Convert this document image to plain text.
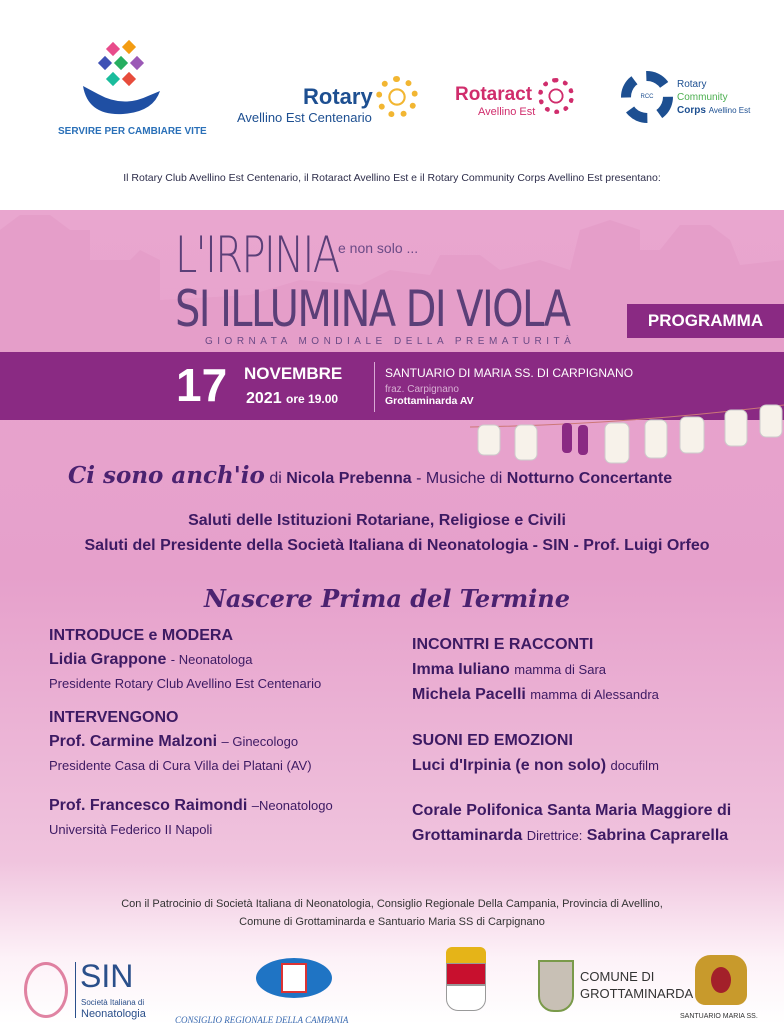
SERVIRE PER CAMBIARE VITE
Rotary
Avellino Est Centenario
Rotaract
Avellino Est
RCC
Rotary
Community
Corps Avellino Est
Il Rotary Club Avellino Est Centenario, il Rotaract Avellino Est e il Rotary Community Corps Avellino Est presentano:
L'IRPINIA e non solo ...
SI ILLUMINA DI VIOLA
GIORNATA MONDIALE DELLA PREMATURITÀ
PROGRAMMA
17 NOVEMBRE
2021 ore 19.00
SANTUARIO DI MARIA SS. DI CARPIGNANO
fraz. Carpignano
Grottaminarda AV
Ci sono anch'io di Nicola Prebenna - Musiche di Notturno Concertante
Saluti delle Istituzioni Rotariane, Religiose e Civili
Saluti del Presidente della Società Italiana di Neonatologia - SIN - Prof. Luigi Orfeo
Nascere Prima del Termine
INTRODUCE e MODERA
Lidia Grappone - Neonatologa
Presidente Rotary Club Avellino Est Centenario
INTERVENGONO
Prof. Carmine Malzoni – Ginecologo
Presidente Casa di Cura Villa dei Platani (AV)
Prof. Francesco Raimondi –Neonatologo
Università Federico II Napoli
INCONTRI E RACCONTI
Imma Iuliano mamma di Sara
Michela Pacelli mamma di Alessandra
SUONI ED EMOZIONI
Luci d'Irpinia (e non solo) docufilm
Corale Polifonica Santa Maria Maggiore di
Grottaminarda Direttrice: Sabrina Caprarella
Con il Patrocinio di Società Italiana di Neonatologia, Consiglio Regionale Della Campania, Provincia di Avellino,
Comune di Grottaminarda e Santuario Maria SS di Carpignano
SIN
Società Italiana di
Neonatologia	CONSIGLIO REGIONALE DELLA CAMPANIA
COMUNE DI
GROTTAMINARDA
SANTUARIO MARIA SS.
